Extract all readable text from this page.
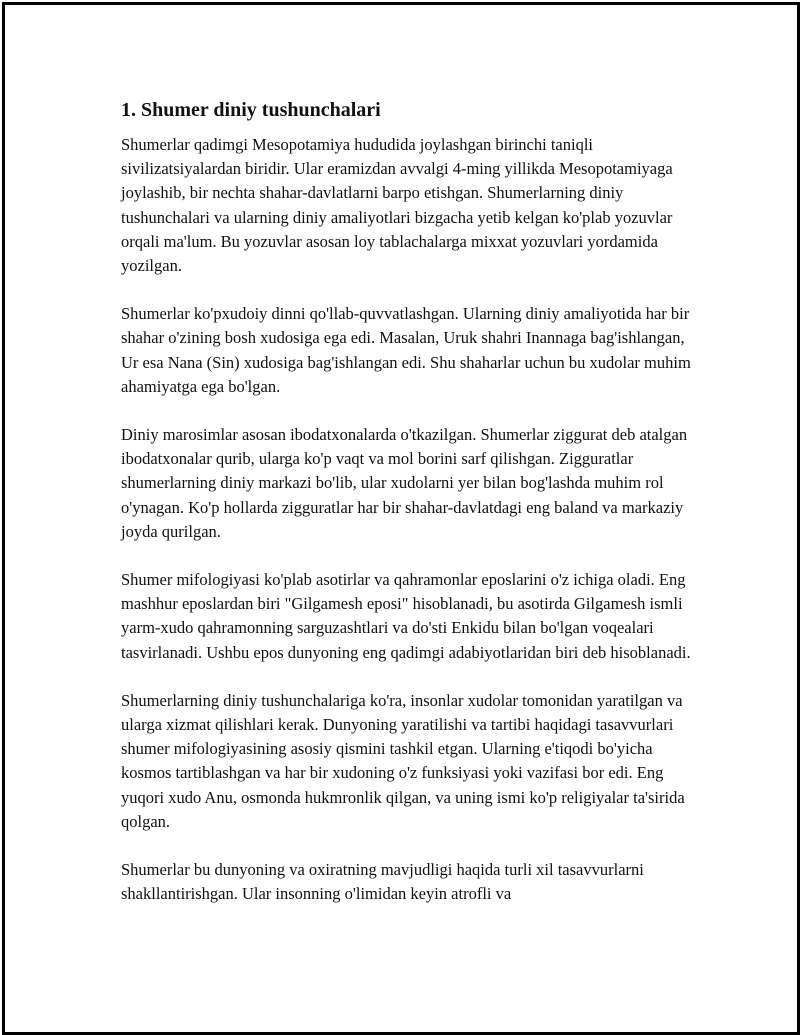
1. Shumer diniy tushunchalari

Shumerlar qadimgi Mesopotamiya hududida joylashgan birinchi taniqli sivilizatsiyalardan biridir. Ular eramizdan avvalgi 4-ming yillikda Mesopotamiyaga joylashib, bir nechta shahar-davlatlarni barpo etishgan. Shumerlarning diniy tushunchalari va ularning diniy amaliyotlari bizgacha yetib kelgan ko'plab yozuvlar orqali ma'lum. Bu yozuvlar asosan loy tablachalarga mixxat yozuvlari yordamida yozilgan.

Shumerlar ko'pxudoiy dinni qo'llab-quvvatlashgan. Ularning diniy amaliyotida har bir shahar o'zining bosh xudosiga ega edi. Masalan, Uruk shahri Inannaga bag'ishlangan, Ur esa Nana (Sin) xudosiga bag'ishlangan edi. Shu shaharlar uchun bu xudolar muhim ahamiyatga ega bo'lgan.

Diniy marosimlar asosan ibodatxonalarda o'tkazilgan. Shumerlar ziggurat deb atalgan ibodatxonalar qurib, ularga ko'p vaqt va mol borini sarf qilishgan. Zigguratlar shumerlarning diniy markazi bo'lib, ular xudolarni yer bilan bog'lashda muhim rol o'ynagan. Ko'p hollarda zigguratlar har bir shahar-davlatdagi eng baland va markaziy joyda qurilgan.

Shumer mifologiyasi ko'plab asotirlar va qahramonlar eposlarini o'z ichiga oladi. Eng mashhur eposlardan biri "Gilgamesh eposi" hisoblanadi, bu asotirda Gilgamesh ismli yarm-xudo qahramonning sarguzashtlari va do'sti Enkidu bilan bo'lgan voqealari tasvirlanadi. Ushbu epos dunyoning eng qadimgi adabiyotlaridan biri deb hisoblanadi.

Shumerlarning diniy tushunchalariga ko'ra, insonlar xudolar tomonidan yaratilgan va ularga xizmat qilishlari kerak. Dunyoning yaratilishi va tartibi haqidagi tasavvurlari shumer mifologiyasining asosiy qismini tashkil etgan. Ularning e'tiqodi bo'yicha kosmos tartiblashgan va har bir xudoning o'z funksiyasi yoki vazifasi bor edi. Eng yuqori xudo Anu, osmonda hukmronlik qilgan, va uning ismi ko'p religiyalar ta'sirida qolgan.

Shumerlar bu dunyoning va oxiratning mavjudligi haqida turli xil tasavvurlarni shakllantirishgan. Ular insonning o'limidan keyin atrofli va
